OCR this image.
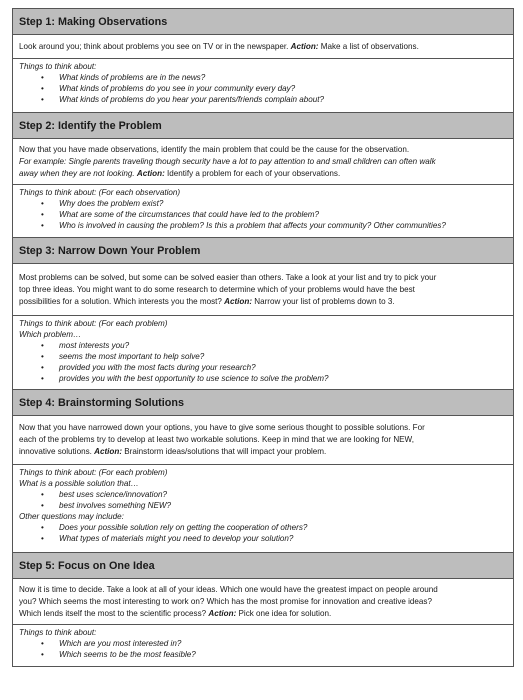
Step 1: Making Observations

Look around you; think about problems you see on TV or in the newspaper. Action: Make a list of observations.

Things to think about:
• What kinds of problems are in the news?
• What kinds of problems do you see in your community every day?
• What kinds of problems do you hear your parents/friends complain about?
Step 2: Identify the Problem

Now that you have made observations, identify the main problem that could be the cause for the observation.

For example: Single parents traveling though security have a lot to pay attention to and small children can often walk

away when they are not looking. Action: Identify a problem for each of your observations.

Things to think about: (For each observation)
• Why does the problem exist?
• What are some of the circumstances that could have led to the problem?
• Who is involved in causing the problem? Is this a problem that affects your community? Other communities?
Step 3: Narrow Down Your Problem

Most problems can be solved, but some can be solved easier than others. Take a look at your list and try to pick your

top three ideas. You might want to do some research to determine which of your problems would have the best

possibilities for a solution. Which interests you the most? Action: Narrow your list of problems down to 3.

Things to think about: (For each problem)
Which problem…
• most interests you?
• seems the most important to help solve?
• provided you with the most facts during your research?
• provides you with the best opportunity to use science to solve the problem?
Step 4: Brainstorming Solutions

Now that you have narrowed down your options, you have to give some serious thought to possible solutions. For

each of the problems try to develop at least two workable solutions. Keep in mind that we are looking for NEW,

innovative solutions. Action: Brainstorm ideas/solutions that will impact your problem.

Things to think about: (For each problem)
What is a possible solution that…
• best uses science/innovation?
• best involves something NEW?
Other questions may include:
• Does your possible solution rely on getting the cooperation of others?
• What types of materials might you need to develop your solution?
Step 5: Focus on One Idea

Now it is time to decide. Take a look at all of your ideas. Which one would have the greatest impact on people around

you? Which seems the most interesting to work on? Which has the most promise for innovation and creative ideas?

Which lends itself the most to the scientific process? Action: Pick one idea for solution.

Things to think about:
• Which are you most interested in?
• Which seems to be the most feasible?
